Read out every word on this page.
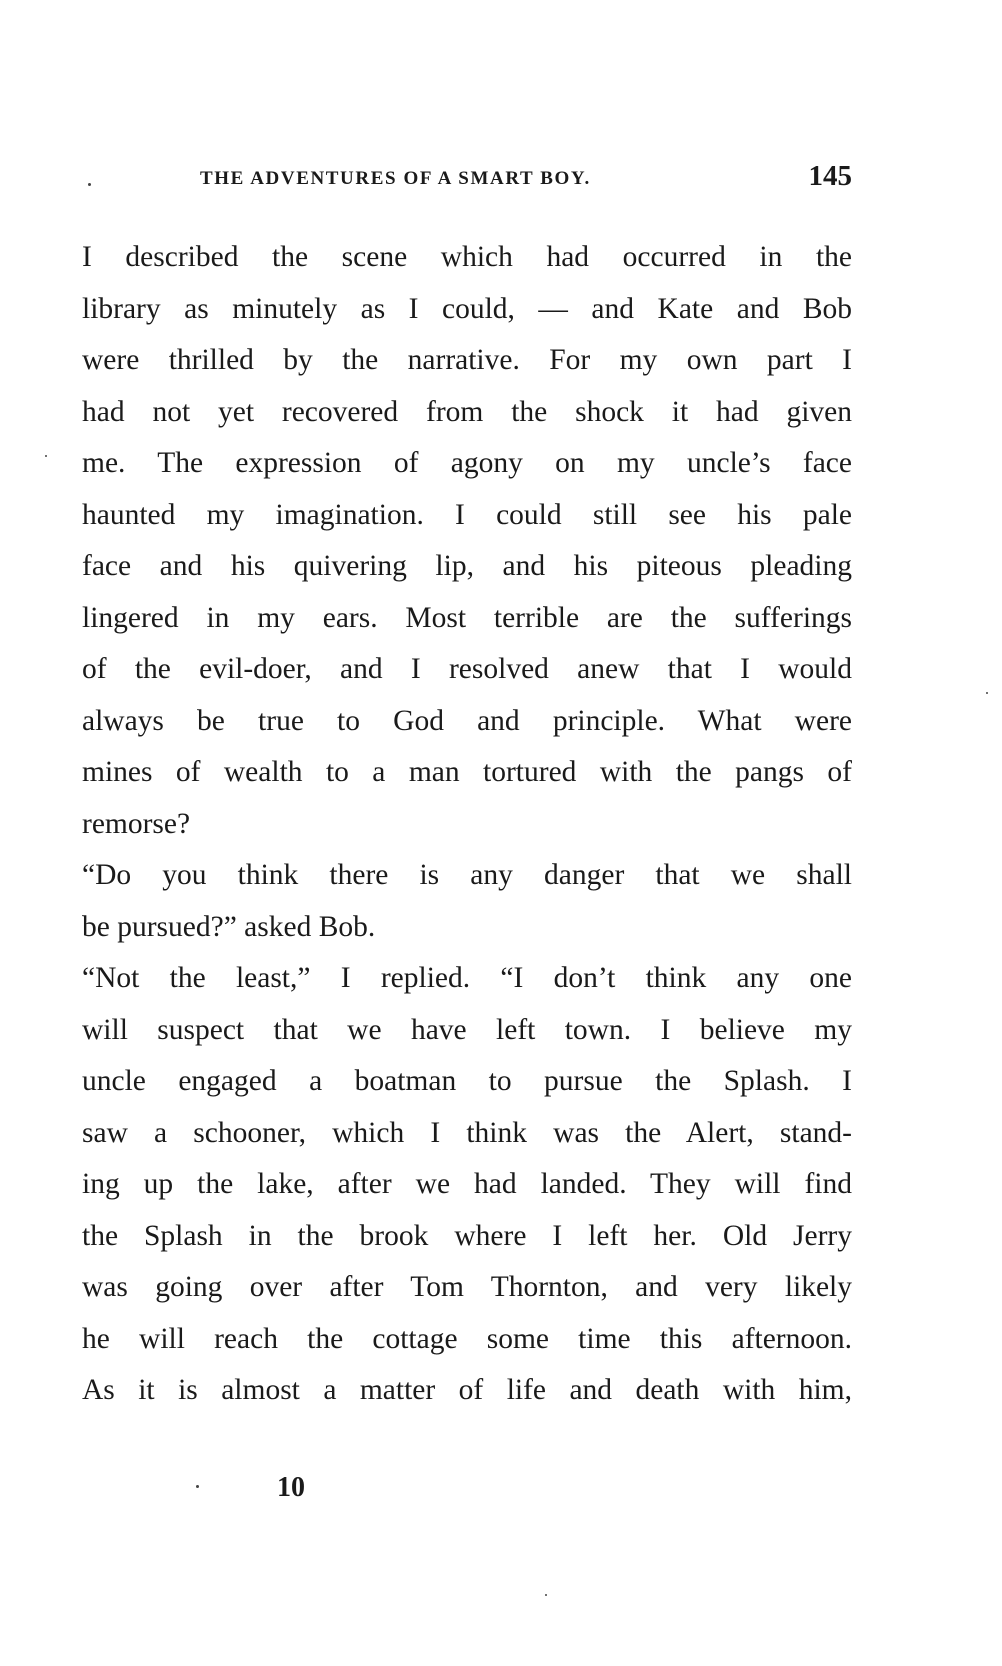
THE ADVENTURES OF A SMART BOY.	145

I described the scene which had occurred in the
library as minutely as I could, — and Kate and Bob
were thrilled by the narrative. For my own part I
had not yet recovered from the shock it had given
me. The expression of agony on my uncle’s face
haunted my imagination. I could still see his pale
face and his quivering lip, and his piteous pleading
lingered in my ears. Most terrible are the sufferings
of the evil-doer, and I resolved anew that I would
always be true to God and principle. What were
mines of wealth to a man tortured with the pangs of
remorse?

“Do you think there is any danger that we shall
be pursued?” asked Bob.

“Not the least,” I replied. “I don’t think any one
will suspect that we have left town. I believe my
uncle engaged a boatman to pursue the Splash. I
saw a schooner, which I think was the Alert, stand-
ing up the lake, after we had landed. They will find
the Splash in the brook where I left her. Old Jerry
was going over after Tom Thornton, and very likely
he will reach the cottage some time this afternoon.
As it is almost a matter of life and death with him,

10
